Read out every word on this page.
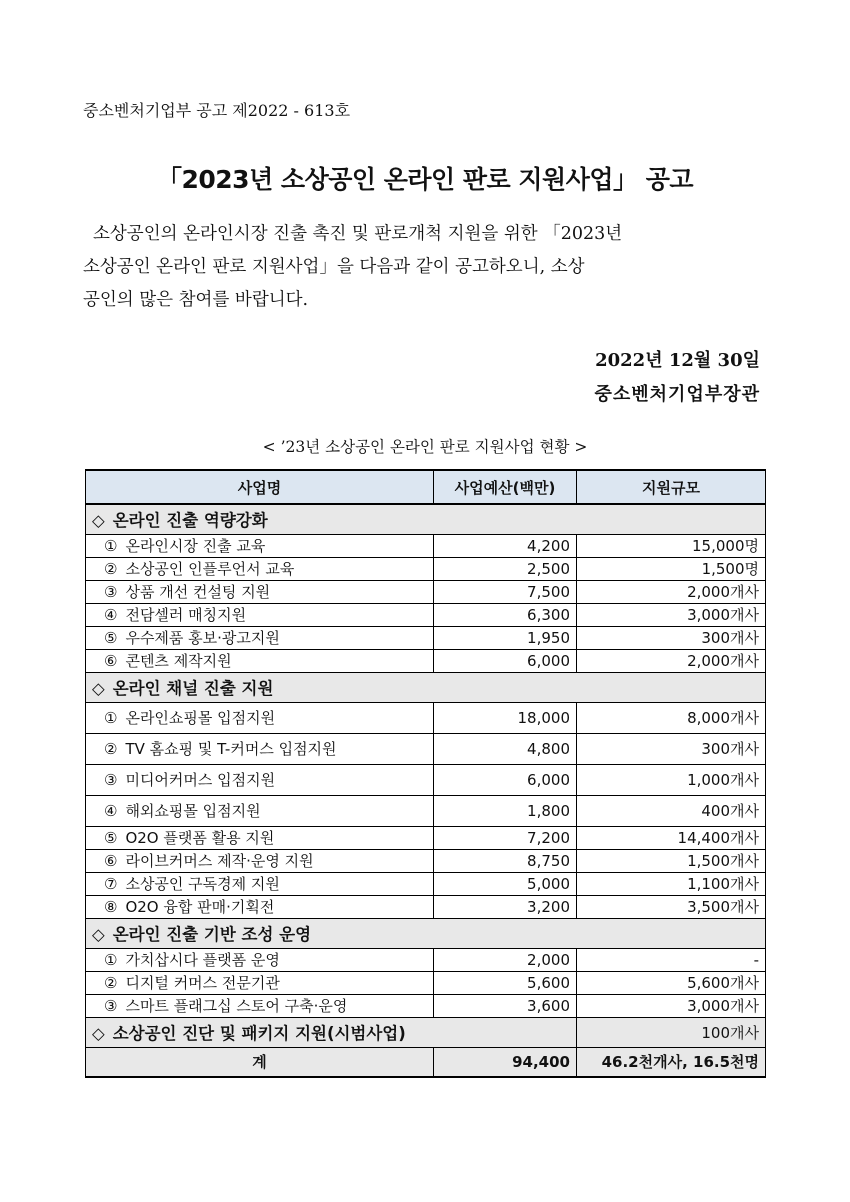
중소벤처기업부 공고 제2022 - 613호
「2023년 소상공인 온라인 판로 지원사업」 공고
소상공인의 온라인시장 진출 촉진 및 판로개척 지원을 위한 「2023년
소상공인 온라인 판로 지원사업」을 다음과 같이 공고하오니, 소상
공인의 많은 참여를 바랍니다.
2022년 12월 30일
중소벤처기업부장관
< ’23년 소상공인 온라인 판로 지원사업 현황 >
사업명	사업예산(백만)	지원규모
◇ 온라인 진출 역량강화		
① 온라인시장 진출 교육	4,200	15,000명
② 소상공인 인플루언서 교육	2,500	1,500명
③ 상품 개선 컨설팅 지원	7,500	2,000개사
④ 전담셀러 매칭지원	6,300	3,000개사
⑤ 우수제품 홍보·광고지원	1,950	300개사
⑥ 콘텐츠 제작지원	6,000	2,000개사
◇ 온라인 채널 진출 지원		
① 온라인쇼핑몰 입점지원	18,000	8,000개사
② TV 홈쇼핑 및 T-커머스 입점지원	4,800	300개사
③ 미디어커머스 입점지원	6,000	1,000개사
④ 해외쇼핑몰 입점지원	1,800	400개사
⑤ O2O 플랫폼 활용 지원	7,200	14,400개사
⑥ 라이브커머스 제작·운영 지원	8,750	1,500개사
⑦ 소상공인 구독경제 지원	5,000	1,100개사
⑧ O2O 융합 판매·기획전	3,200	3,500개사
◇ 온라인 진출 기반 조성 운영		
① 가치삽시다 플랫폼 운영	2,000	-
② 디지털 커머스 전문기관	5,600	5,600개사
③ 스마트 플래그십 스토어 구축·운영	3,600	3,000개사
◇ 소상공인 진단 및 패키지 지원(시범사업)		100개사
계	94,400	46.2천개사, 16.5천명
